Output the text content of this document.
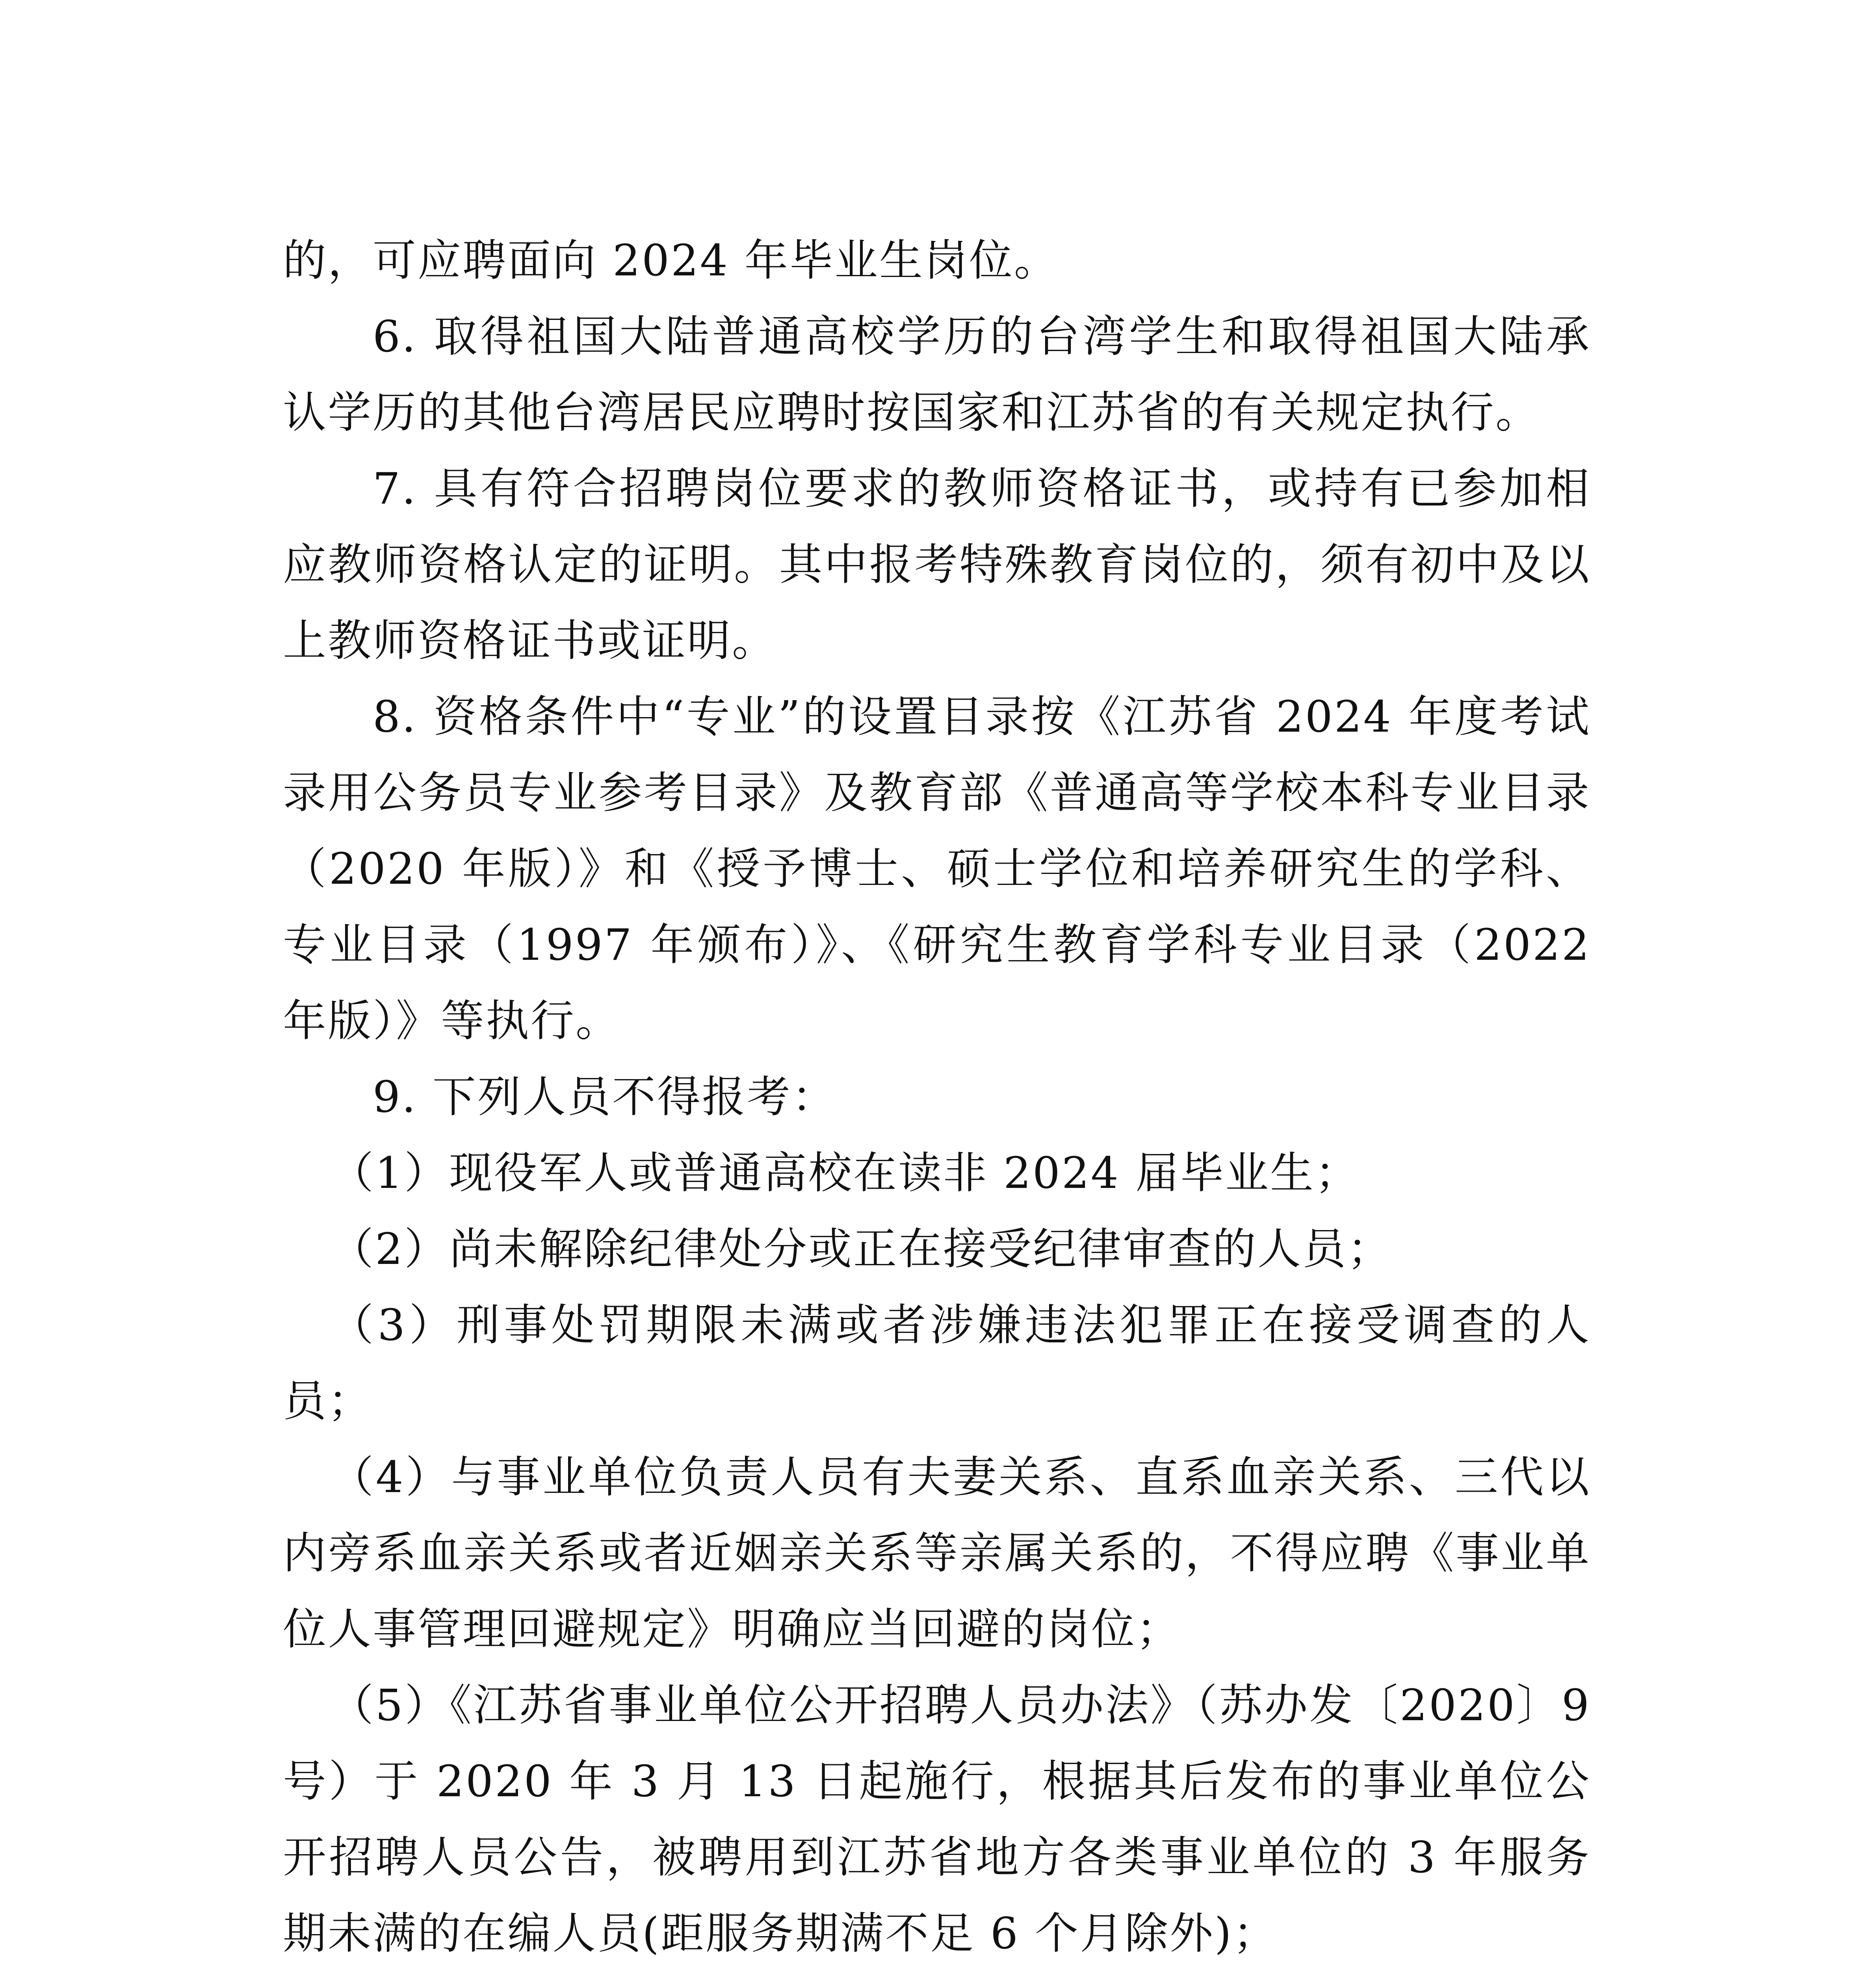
的，可应聘面向 2024 年毕业生岗位。

6. 取得祖国大陆普通高校学历的台湾学生和取得祖国大陆承认学历的其他台湾居民应聘时按国家和江苏省的有关规定执行。

7. 具有符合招聘岗位要求的教师资格证书，或持有已参加相应教师资格认定的证明。其中报考特殊教育岗位的，须有初中及以上教师资格证书或证明。

8. 资格条件中“专业”的设置目录按《江苏省 2024 年度考试录用公务员专业参考目录》及教育部《普通高等学校本科专业目录（2020 年版）》和《授予博士、硕士学位和培养研究生的学科、专业目录（1997 年颁布）》、《研究生教育学科专业目录（2022 年版）》等执行。

9. 下列人员不得报考：

（1）现役军人或普通高校在读非 2024 届毕业生；

（2）尚未解除纪律处分或正在接受纪律审查的人员；

（3）刑事处罚期限未满或者涉嫌违法犯罪正在接受调查的人员；

（4）与事业单位负责人员有夫妻关系、直系血亲关系、三代以内旁系血亲关系或者近姻亲关系等亲属关系的，不得应聘《事业单位人事管理回避规定》明确应当回避的岗位；

（5）《江苏省事业单位公开招聘人员办法》（苏办发〔2020〕9 号）于 2020 年 3 月 13 日起施行，根据其后发布的事业单位公开招聘人员公告，被聘用到江苏省地方各类事业单位的 3 年服务期未满的在编人员(距服务期满不足 6 个月除外)；
